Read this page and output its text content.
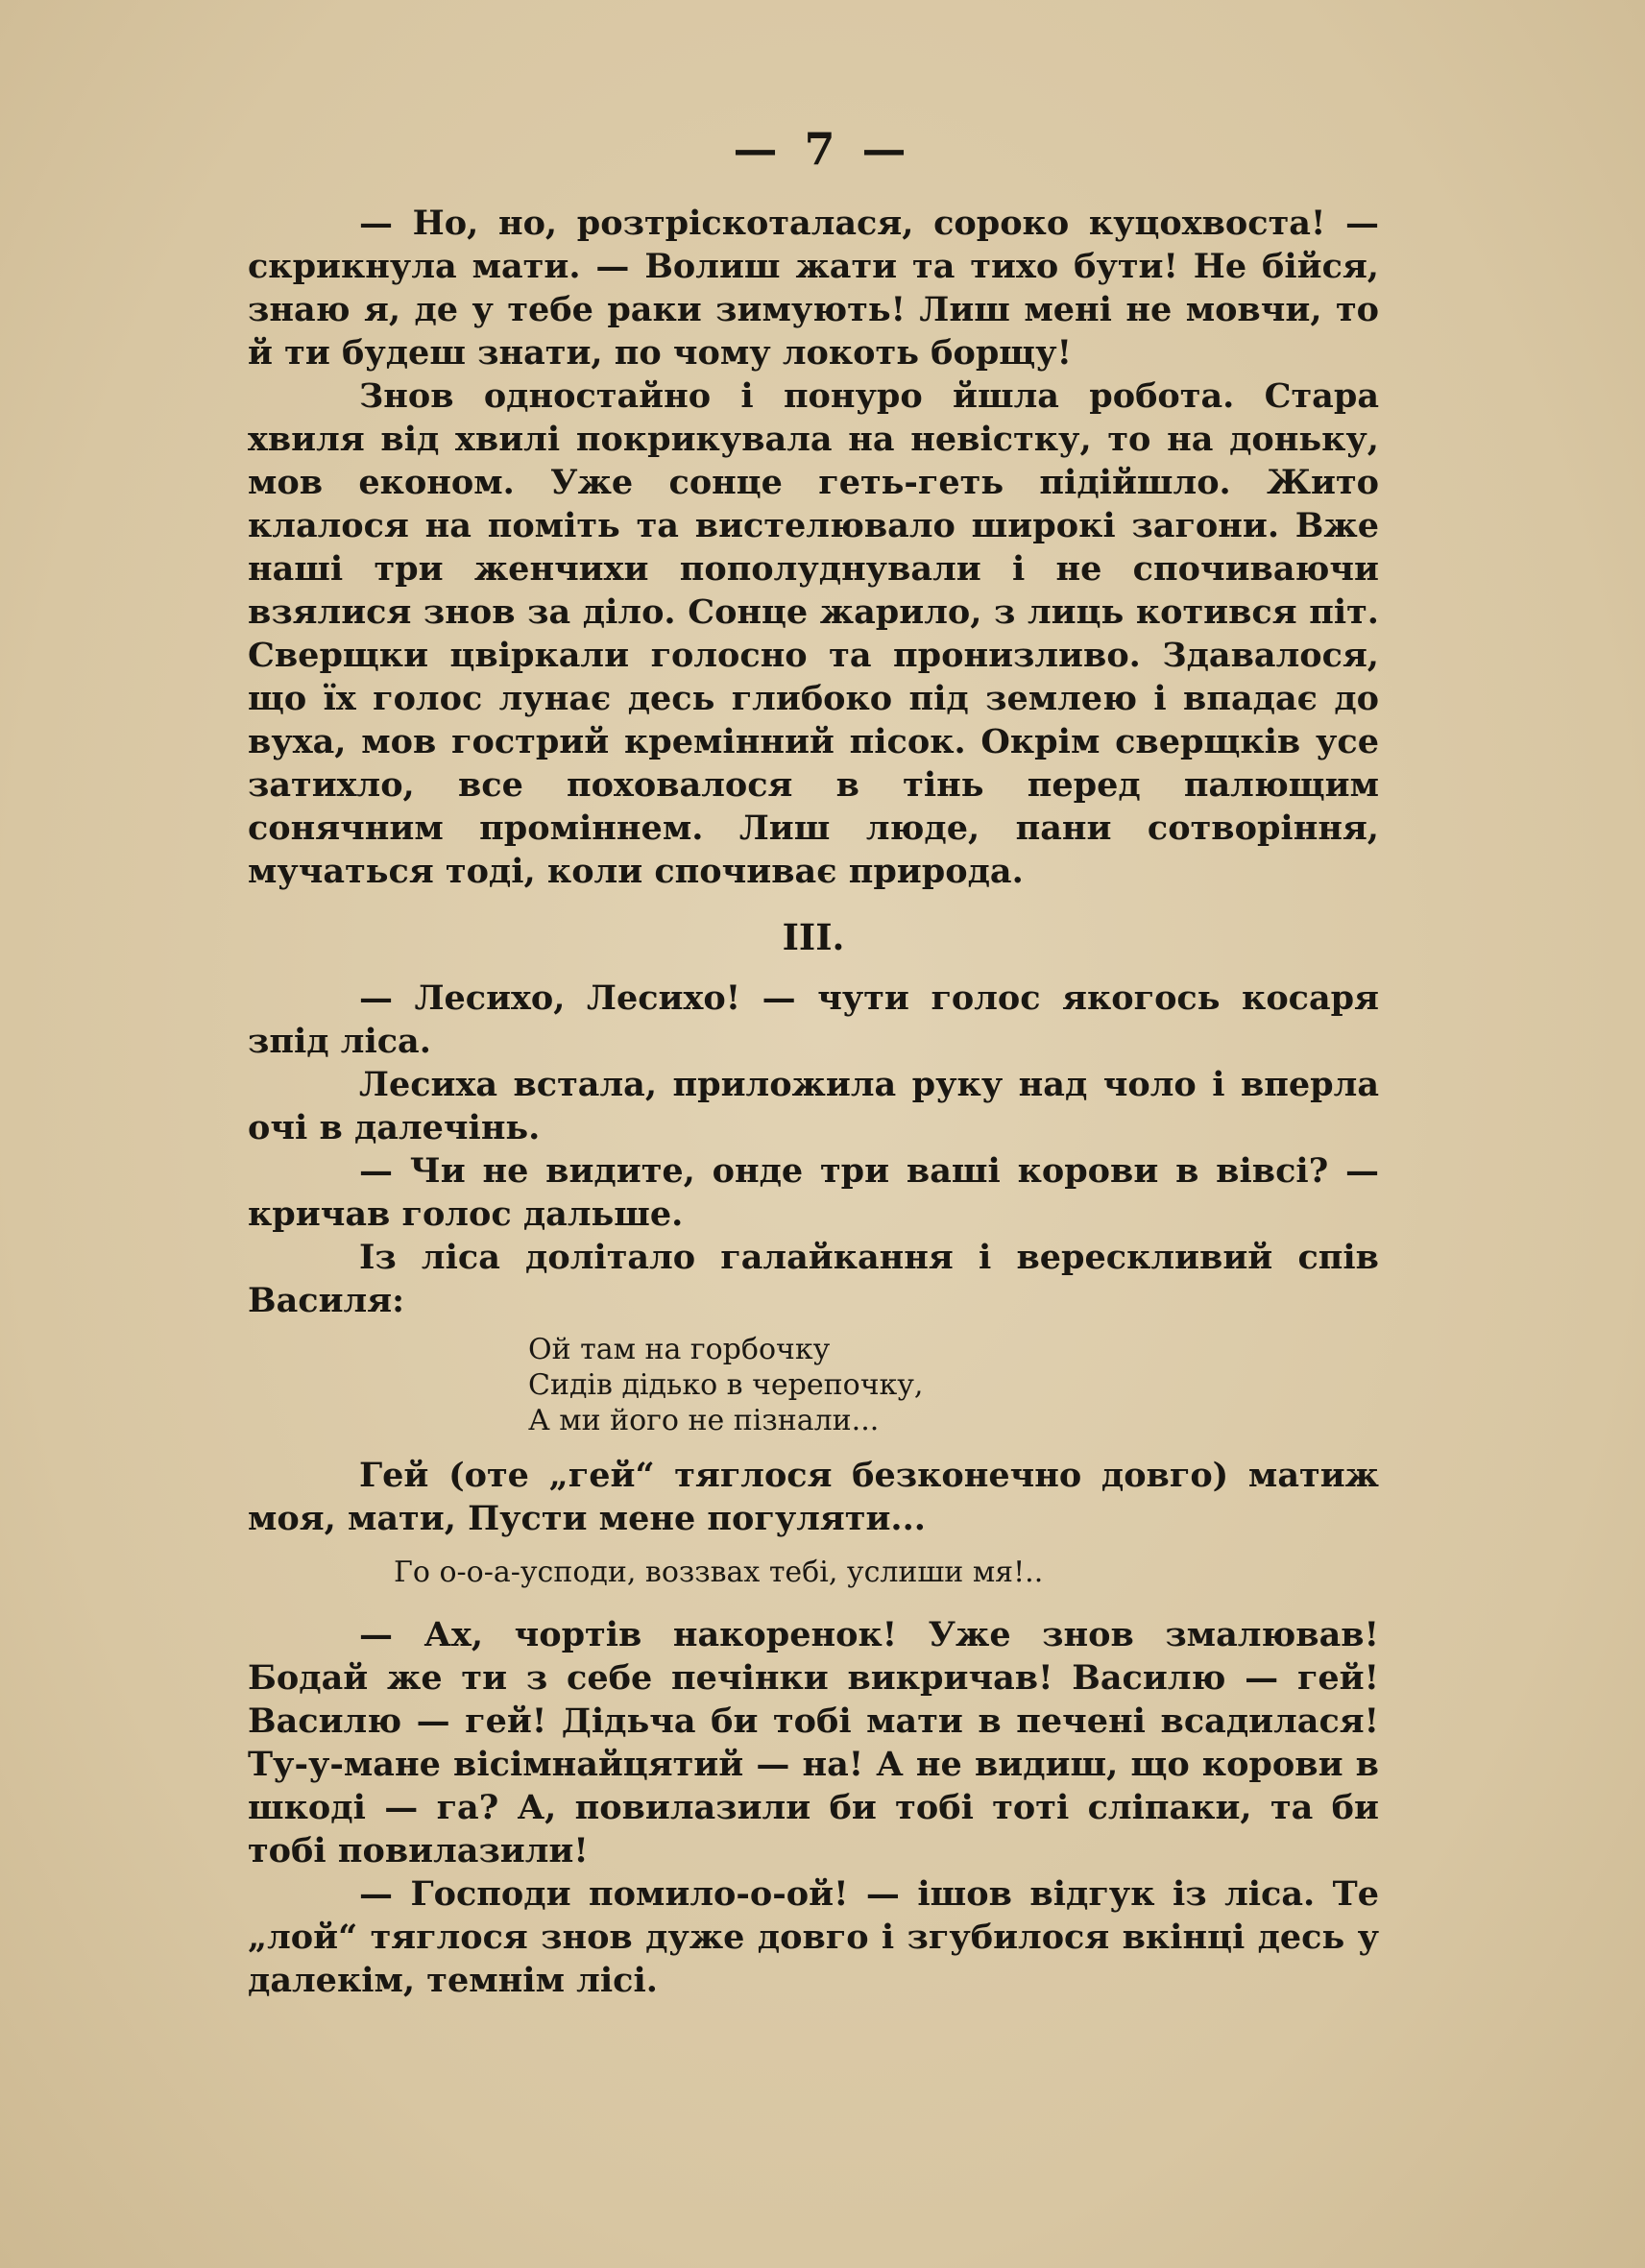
— 7 —

— Но, но, розтріскоталася, сороко куцохвоста! — скрикнула мати. — Волиш жати та тихо бути! Не бійся, знаю я, де у тебе раки зимують! Лиш мені не мовчи, то й ти будеш знати, по чому локоть борщу!

Знов одностайно і понуро йшла робота. Стара хвиля від хвилі покрикувала на невістку, то на доньку, мов економ. Уже сонце геть-геть підійшло. Жито клалося на поміть та вистелювало широкі загони. Вже наші три женчихи пополуднували і не спочиваючи взялися знов за діло. Сонце жарило, з лиць котився піт. Сверщки цвіркали голосно та пронизливо. Здавалося, що їх голос лунає десь глибоко під землею і впадає до вуха, мов гострий кремінний пісок. Окрім сверщків усе затихло, все поховалося в тінь перед палющим сонячним проміннем. Лиш люде, пани сотворіння, мучаться тоді, коли спочиває природа.

III.

— Лесихо, Лесихо! — чути голос якогось косаря зпід ліса.

Лесиха встала, приложила руку над чоло і вперла очі в далечінь.

— Чи не видите, онде три ваші корови в вівсі? — кричав голос дальше.

Із ліса долітало галайкання і верескливий спів Василя:

Ой там на горбочку
Сидів дідько в черепочку,
А ми його не пізнали...

Гей (оте „гей“ тяглося безконечно довго) матиж моя, мати, Пусти мене погуляти...

Го о-о-а-усподи, воззвах тебі, услиши мя!..

— Ах, чортів накоренок! Уже знов змалював! Бодай же ти з себе печінки викричав! Василю — гей! Василю — гей! Дідьча би тобі мати в печені всадилася! Ту-у-мане вісімнайцятий — на! А не видиш, що корови в шкоді — га? А, повилазили би тобі тоті сліпаки, та би тобі повилазили!

— Господи помило-о-ой! — ішов відгук із ліса. Те „лой“ тяглося знов дуже довго і згубилося вкінці десь у далекім, темнім лісі.
